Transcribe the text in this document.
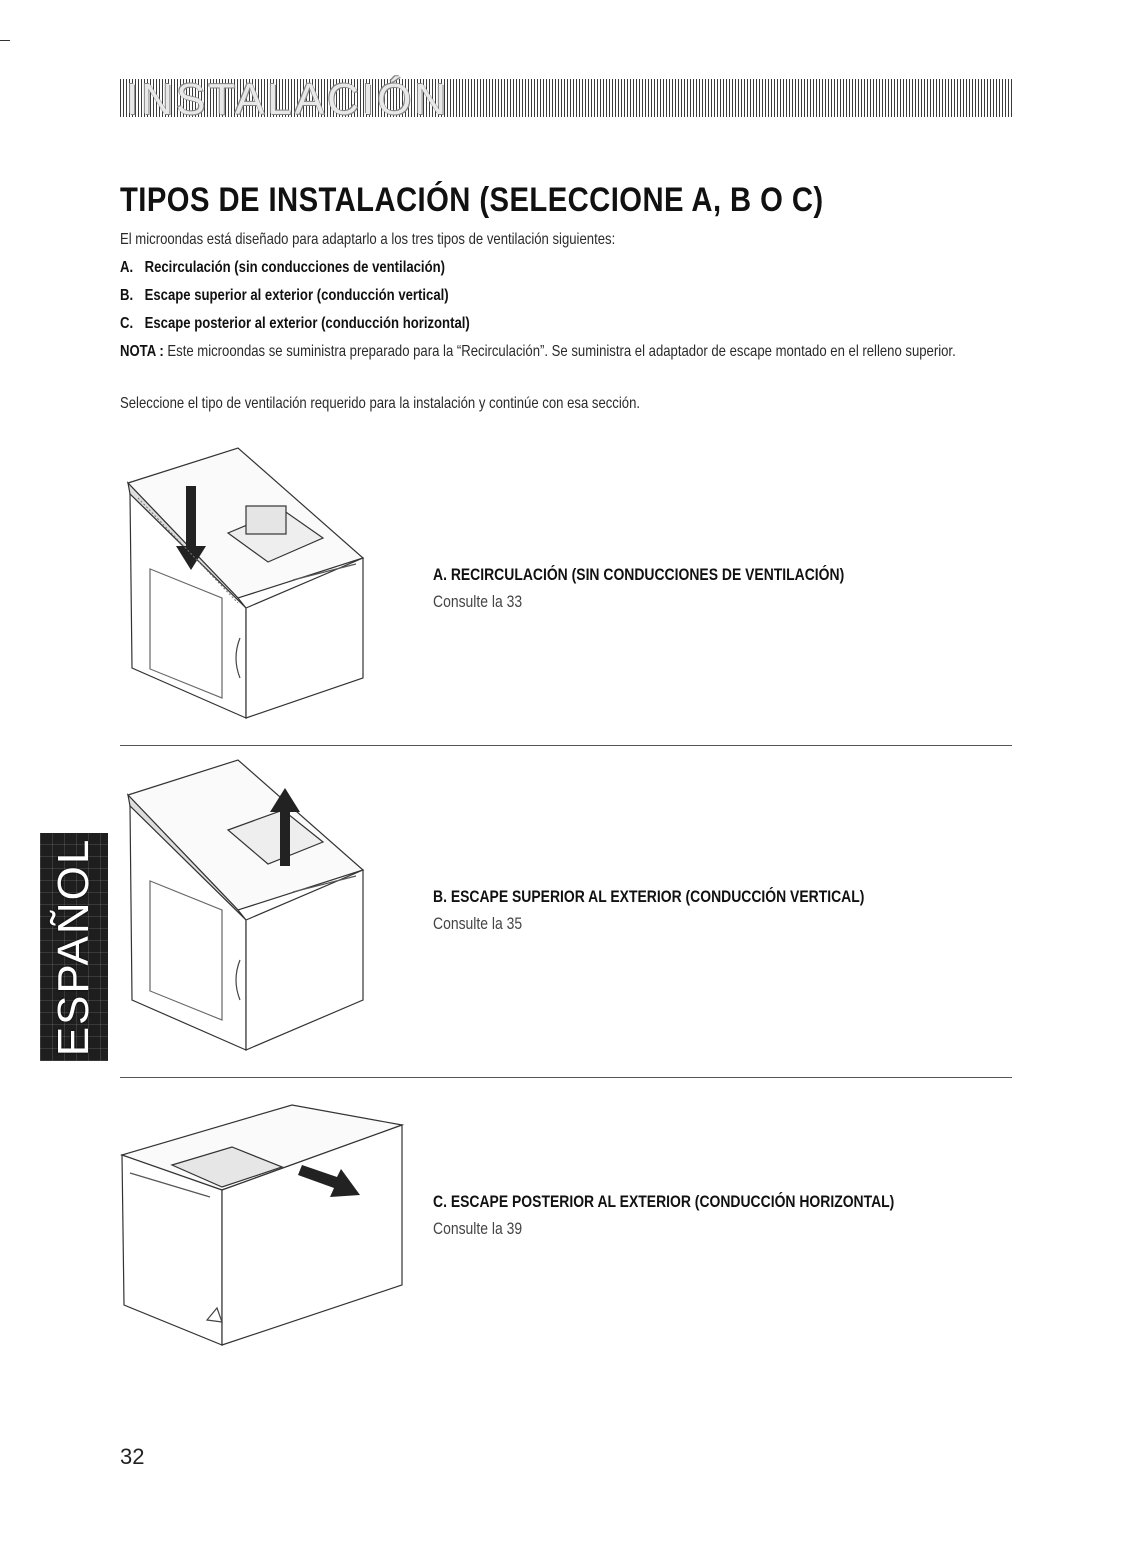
INSTALACIÓN
TIPOS DE INSTALACIÓN (SELECCIONE A, B O C)

El microondas está diseñado para adaptarlo a los tres tipos de ventilación siguientes:

A. Recirculación (sin conducciones de ventilación)

B. Escape superior al exterior (conducción vertical)

C. Escape posterior al exterior (conducción horizontal)

NOTA : Este microondas se suministra preparado para la “Recirculación”. Se suministra el adaptador de escape montado en el relleno superior.

Seleccione el tipo de ventilación requerido para la instalación y continúe con esa sección.

A. RECIRCULACIÓN (SIN CONDUCCIONES DE VENTILACIÓN)

Consulte la 33

B. ESCAPE SUPERIOR AL EXTERIOR (CONDUCCIÓN VERTICAL)

Consulte la 35

C. ESCAPE POSTERIOR AL EXTERIOR (CONDUCCIÓN HORIZONTAL)

Consulte la 39

ESPAÑOL

32
